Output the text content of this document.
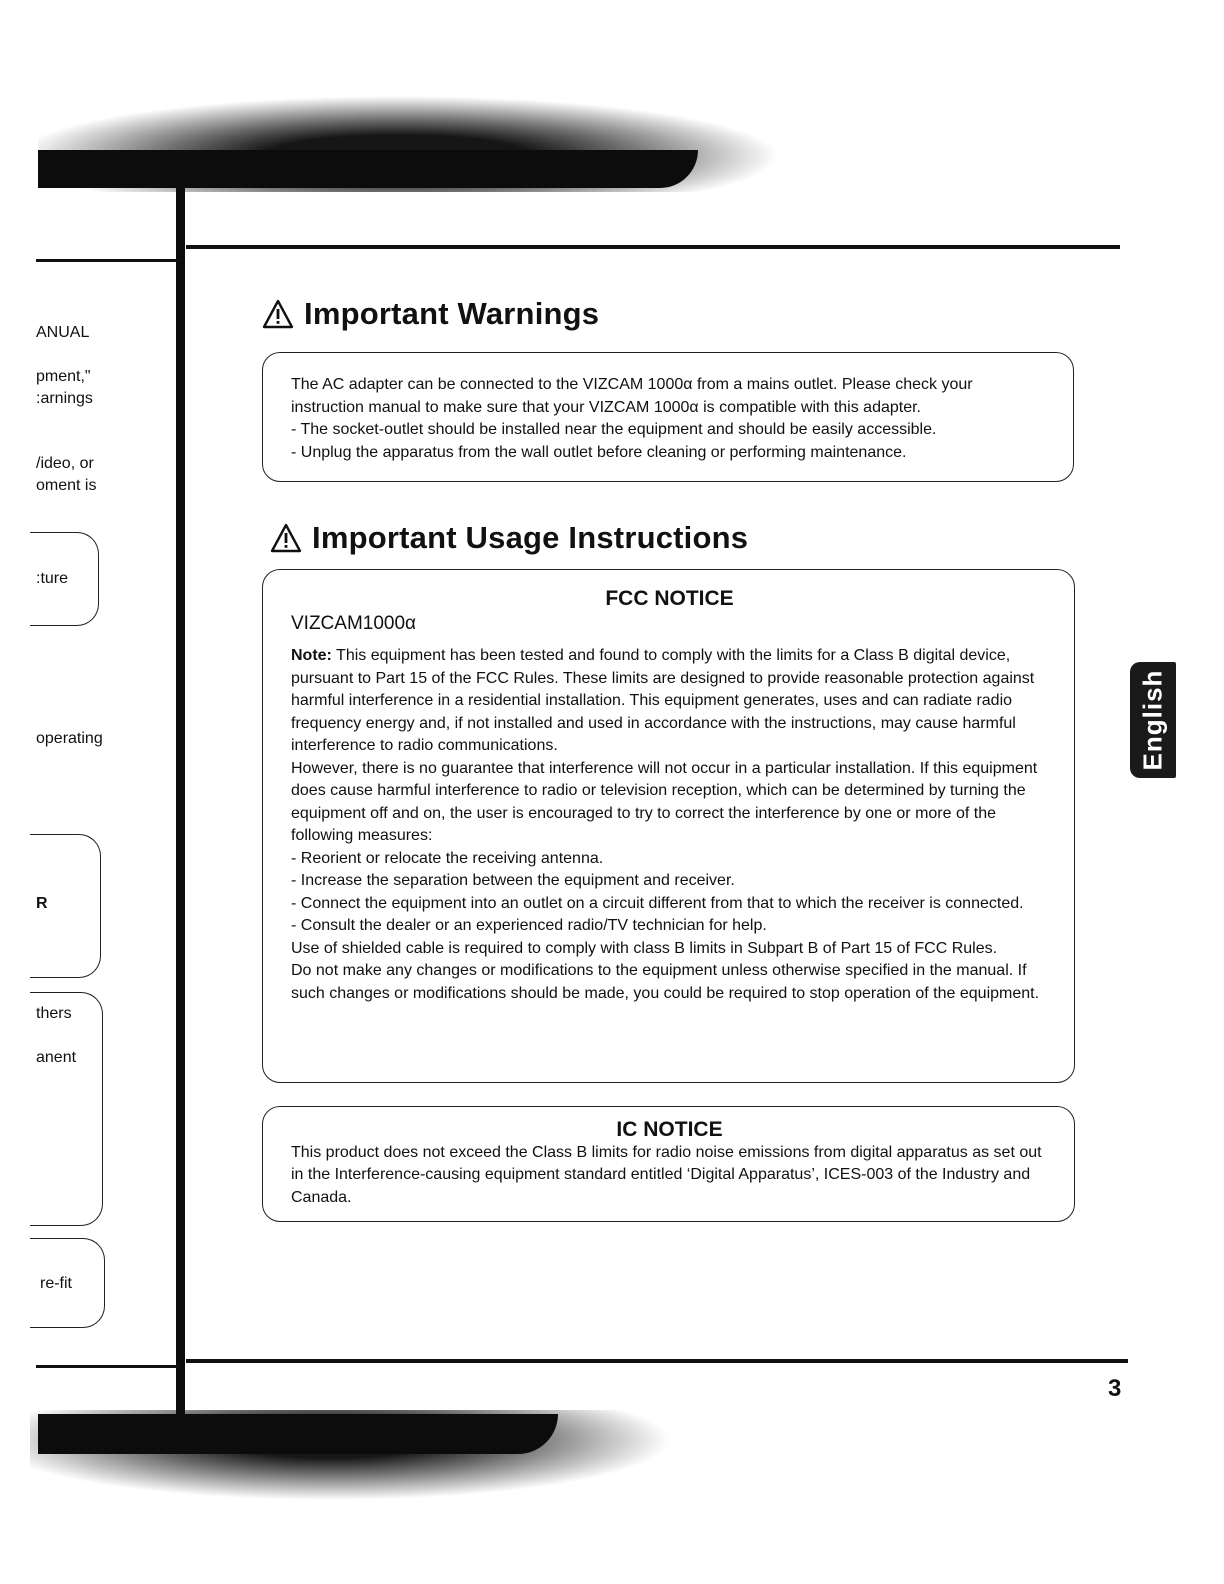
ANUAL
pment,"
:arnings
/ideo, or
oment is
:ture
operating
R
thers
anent
re-fit
Important Warnings

The AC adapter can be connected to the VIZCAM 1000α from a mains outlet. Please check your instruction manual to make sure that your VIZCAM 1000α is compatible with this adapter.

- The socket-outlet should be installed near the equipment and should be easily accessible.

- Unplug the apparatus from the wall outlet before cleaning or performing maintenance.

Important Usage Instructions
FCC NOTICE
VIZCAM1000α

Note: This equipment has been tested and found to comply with the limits for a Class B digital device, pursuant to Part 15 of the FCC Rules. These limits are designed to provide reasonable protection against harmful interference in a residential installation. This equipment generates, uses and can radiate radio frequency energy and, if not installed and used in accordance with the instructions, may cause harmful interference to radio communications.

However, there is no guarantee that interference will not occur in a particular installation. If this equipment does cause harmful interference to radio or television reception, which can be determined by turning the equipment off and on, the user is encouraged to try to correct the interference by one or more of the following measures:

- Reorient or relocate the receiving antenna.

- Increase the separation between the equipment and receiver.

- Connect the equipment into an outlet on a circuit different from that to which the receiver is connected.

- Consult the dealer or an experienced radio/TV technician for help.

Use of shielded cable is required to comply with class B limits in Subpart B of Part 15 of FCC Rules.

Do not make any changes or modifications to the equipment unless otherwise specified in the manual. If such changes or modifications should be made, you could be required to stop operation of the equipment.

IC NOTICE

This product does not exceed the Class B limits for radio noise emissions from digital apparatus as set out in the Interference-causing equipment standard entitled ‘Digital Apparatus’, ICES-003 of the Industry and Canada.

English
3
